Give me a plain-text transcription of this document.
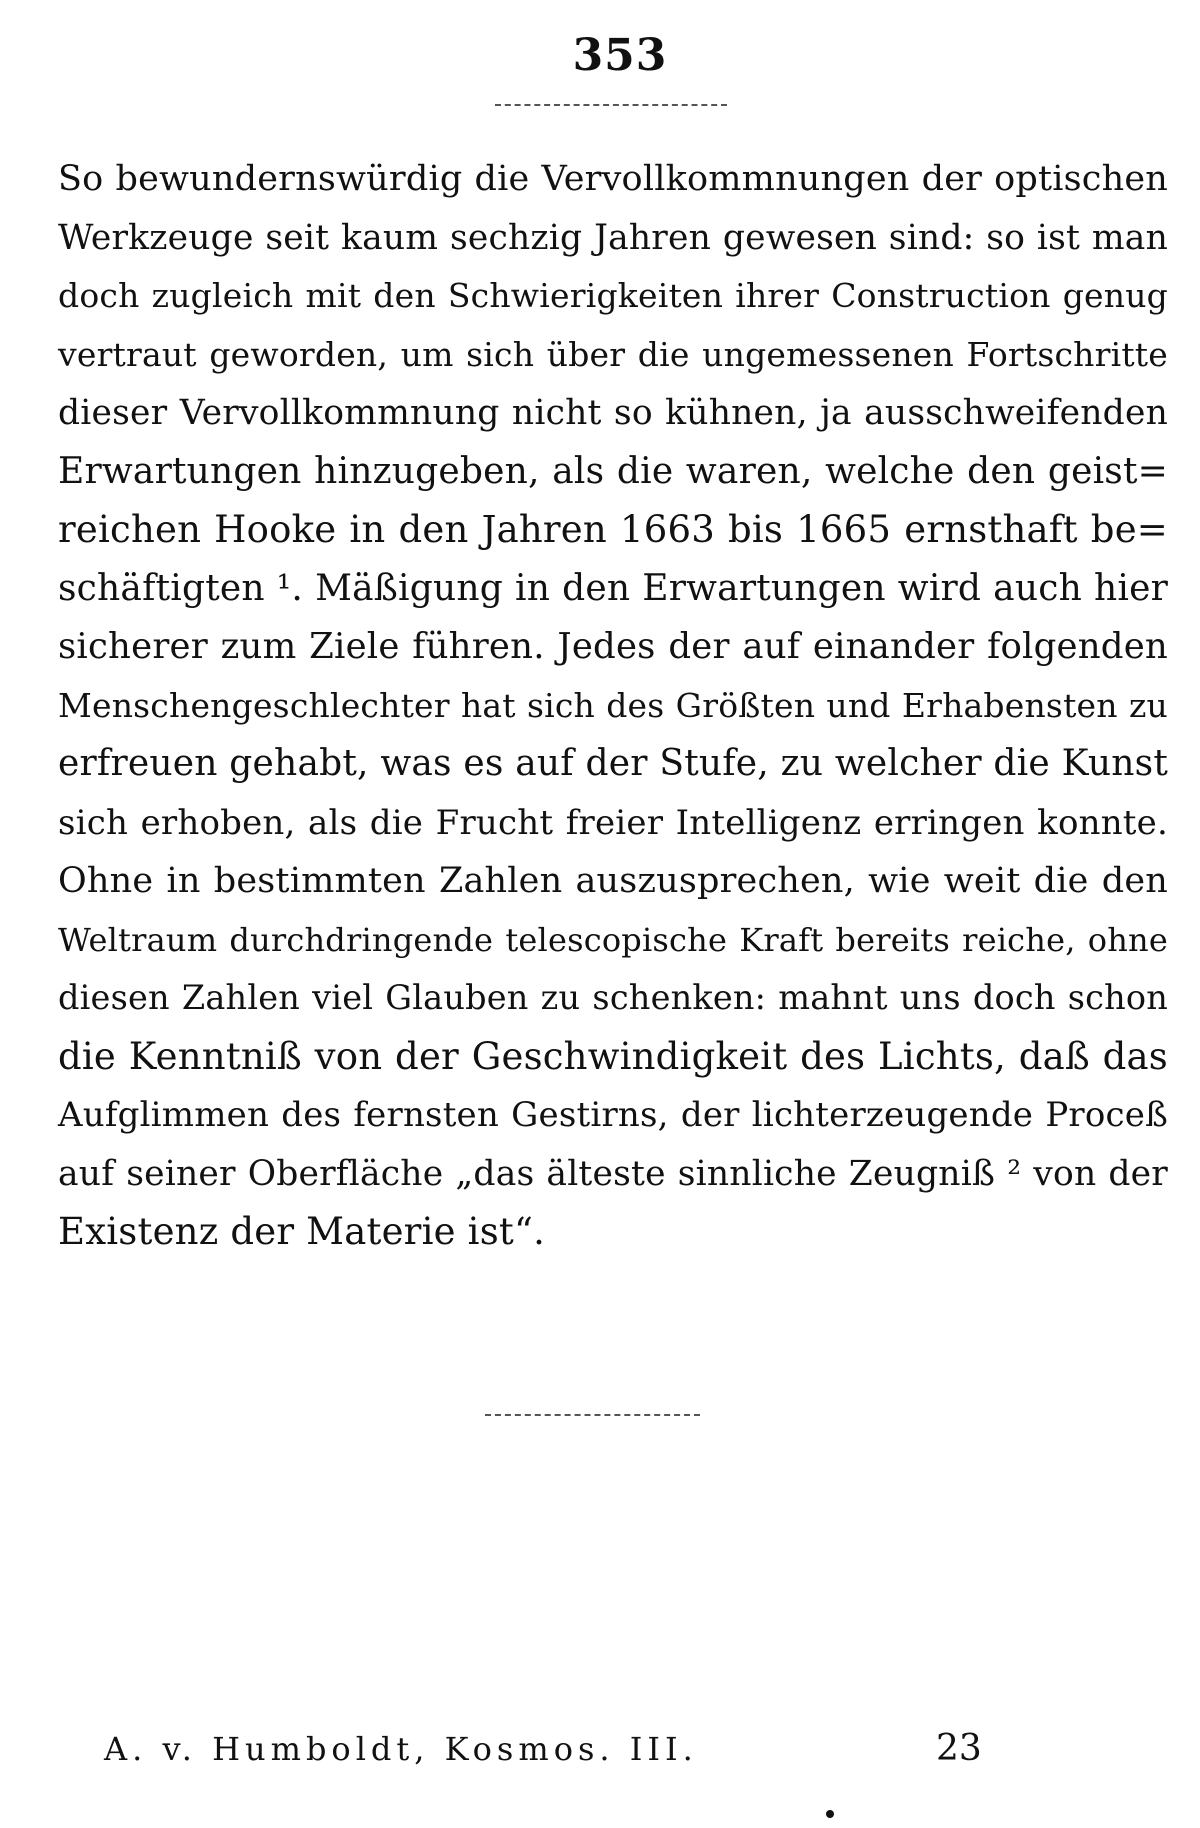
353
So bewundernswürdig die Vervollkommnungen der optischen
Werkzeuge seit kaum sechzig Jahren gewesen sind: so ist man
doch zugleich mit den Schwierigkeiten ihrer Construction genug
vertraut geworden, um sich über die ungemessenen Fortschritte
dieser Vervollkommnung nicht so kühnen, ja ausschweifenden
Erwartungen hinzugeben, als die waren, welche den geist=
reichen Hooke in den Jahren 1663 bis 1665 ernsthaft be=
schäftigten ¹. Mäßigung in den Erwartungen wird auch hier
sicherer zum Ziele führen. Jedes der auf einander folgenden
Menschengeschlechter hat sich des Größten und Erhabensten zu
erfreuen gehabt, was es auf der Stufe, zu welcher die Kunst
sich erhoben, als die Frucht freier Intelligenz erringen konnte.
Ohne in bestimmten Zahlen auszusprechen, wie weit die den
Weltraum durchdringende telescopische Kraft bereits reiche, ohne
diesen Zahlen viel Glauben zu schenken: mahnt uns doch schon
die Kenntniß von der Geschwindigkeit des Lichts, daß das
Aufglimmen des fernsten Gestirns, der lichterzeugende Proceß
auf seiner Oberfläche „das älteste sinnliche Zeugniß ² von der
Existenz der Materie ist“.
A. v. Humboldt, Kosmos. III.	23
